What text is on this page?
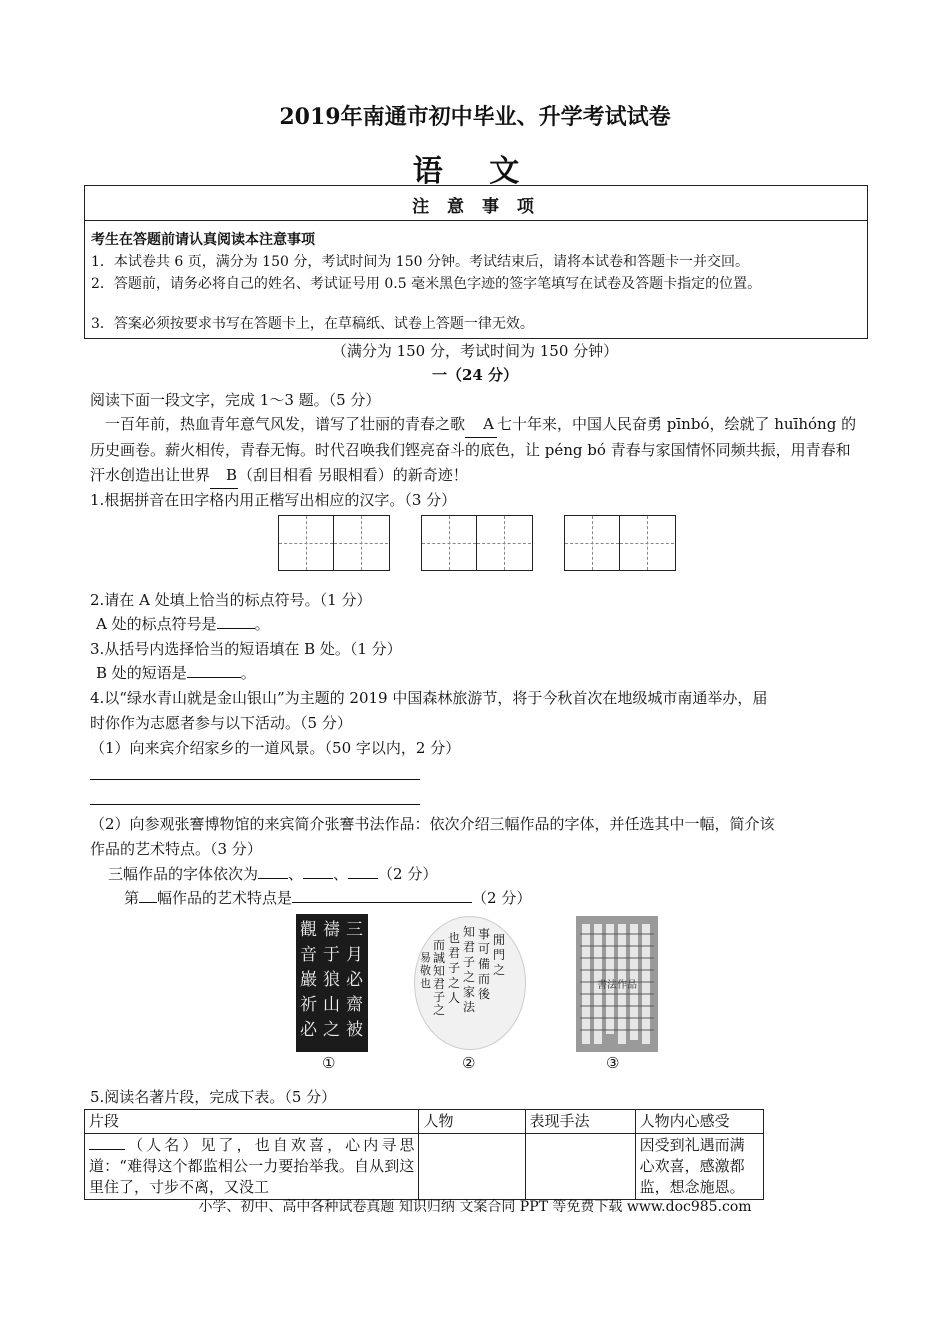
2019年南通市初中毕业、升学考试试卷
语 文
注 意 事 项
考生在答题前请认真阅读本注意事项
1．本试卷共 6 页，满分为 150 分，考试时间为 150 分钟。考试结束后，请将本试卷和答题卡一并交回。
2．答题前，请务必将自己的姓名、考试证号用 0.5 毫米黑色字迹的签字笔填写在试卷及答题卡指定的位置。
3．答案必须按要求书写在答题卡上，在草稿纸、试卷上答题一律无效。
（满分为 150 分，考试时间为 150 分钟）
一（24 分）
阅读下面一段文字，完成 1～3 题。（5 分）
一百年前，热血青年意气风发，谱写了壮丽的青春之歌 A 七十年来，中国人民奋勇 pīnbó，绘就了 huīhóng 的历史画卷。薪火相传，青春无悔。时代召唤我们铿亮奋斗的底色，让 péng bó 青春与家国情怀同频共振，用青春和汗水创造出让世界 B（刮目相看 另眼相看）的新奇迹！
1.根据拼音在田字格内用正楷写出相应的汉字。（3 分）
2.请在 A 处填上恰当的标点符号。（1 分）
A 处的标点符号是	。
3.从括号内选择恰当的短语填在 B 处。（1 分）
B 处的短语是	。
4.以“绿水青山就是金山银山”为主题的 2019 中国森林旅游节，将于今秋首次在地级城市南通举办，届
时你作为志愿者参与以下活动。（5 分）
（1）向来宾介绍家乡的一道风景。（50 字以内，2 分）
（2）向参观张謇博物馆的来宾简介张謇书法作品：依次介绍三幅作品的字体，并任选其中一幅，简介该
作品的艺术特点。（3 分）
三幅作品的字体依次为 、 、 （2 分）
第 幅作品的艺术特点是	（2 分）
三月必齋被
禱于狼山之
觀音巖祈必
①
閒門之
事可備而後
知君子之家法
也君子之人
而誠知君子之
易敬也
②
書法作品
③
5.阅读名著片段，完成下表。（5 分）
片段	人物	表现手法	人物内心感受

（人名）见了，也自欢喜，心内寻思道：“难得这个都监相公一力要抬举我。自从到这里住了，寸步不离，又没工			因受到礼遇而满心欢喜，感激都监，想念施恩。
小学、初中、高中各种试卷真题 知识归纳 文案合同 PPT 等免费下载 www.doc985.com
